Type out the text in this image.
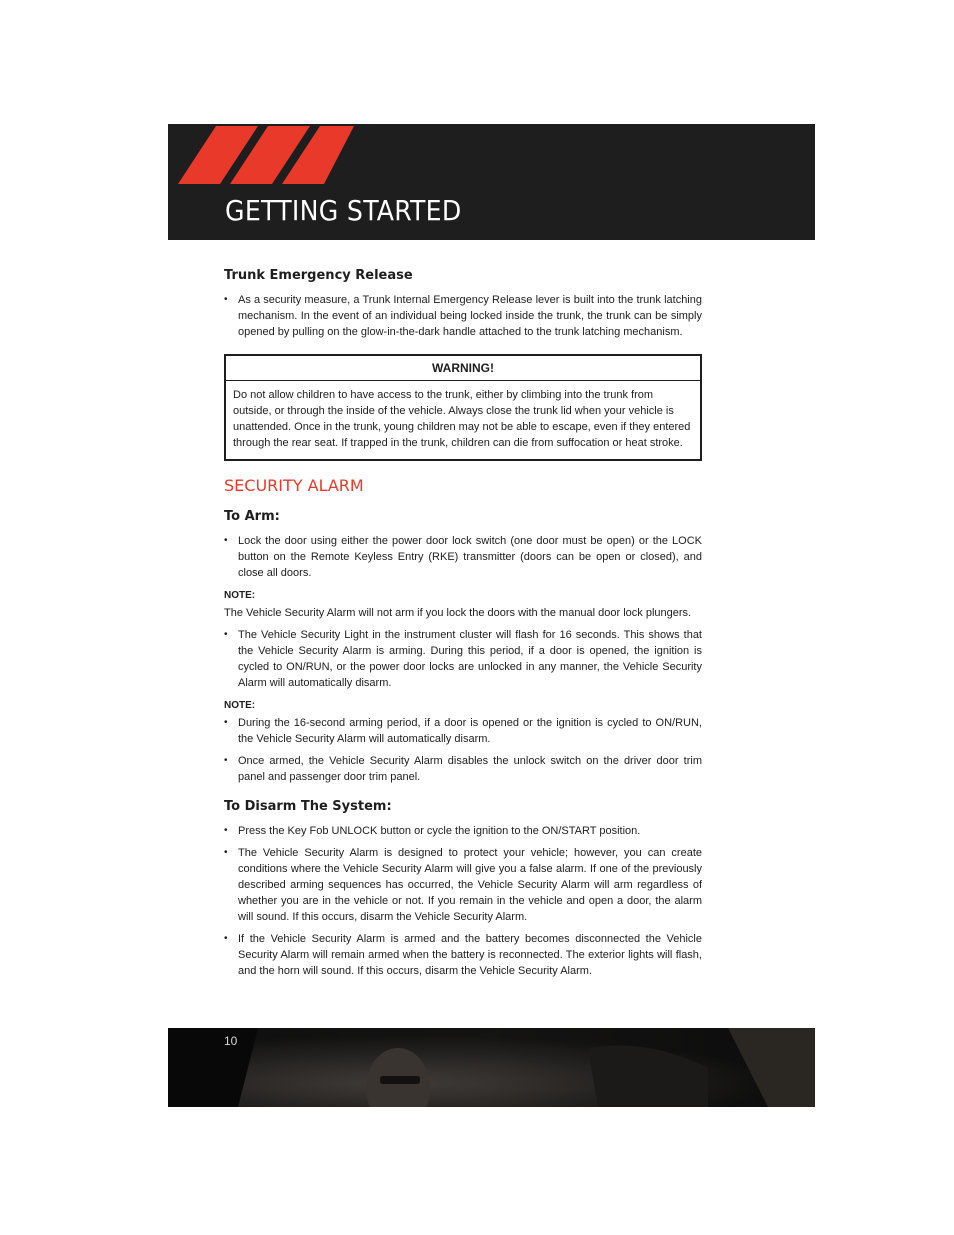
GETTING STARTED
Trunk Emergency Release
• As a security measure, a Trunk Internal Emergency Release lever is built into the trunk latching mechanism. In the event of an individual being locked inside the trunk, the trunk can be simply opened by pulling on the glow-in-the-dark handle attached to the trunk latching mechanism.
WARNING!
Do not allow children to have access to the trunk, either by climbing into the trunk from outside, or through the inside of the vehicle. Always close the trunk lid when your vehicle is unattended. Once in the trunk, young children may not be able to escape, even if they entered through the rear seat. If trapped in the trunk, children can die from suffocation or heat stroke.
SECURITY ALARM
To Arm:
• Lock the door using either the power door lock switch (one door must be open) or the LOCK button on the Remote Keyless Entry (RKE) transmitter (doors can be open or closed), and close all doors.
NOTE:
The Vehicle Security Alarm will not arm if you lock the doors with the manual door lock plungers.
• The Vehicle Security Light in the instrument cluster will flash for 16 seconds. This shows that the Vehicle Security Alarm is arming. During this period, if a door is opened, the ignition is cycled to ON/RUN, or the power door locks are unlocked in any manner, the Vehicle Security Alarm will automatically disarm.
NOTE:
• During the 16-second arming period, if a door is opened or the ignition is cycled to ON/RUN, the Vehicle Security Alarm will automatically disarm.
• Once armed, the Vehicle Security Alarm disables the unlock switch on the driver door trim panel and passenger door trim panel.
To Disarm The System:
• Press the Key Fob UNLOCK button or cycle the ignition to the ON/START position.
• The Vehicle Security Alarm is designed to protect your vehicle; however, you can create conditions where the Vehicle Security Alarm will give you a false alarm. If one of the previously described arming sequences has occurred, the Vehicle Security Alarm will arm regardless of whether you are in the vehicle or not. If you remain in the vehicle and open a door, the alarm will sound. If this occurs, disarm the Vehicle Security Alarm.
• If the Vehicle Security Alarm is armed and the battery becomes disconnected the Vehicle Security Alarm will remain armed when the battery is reconnected. The exterior lights will flash, and the horn will sound. If this occurs, disarm the Vehicle Security Alarm.
10
